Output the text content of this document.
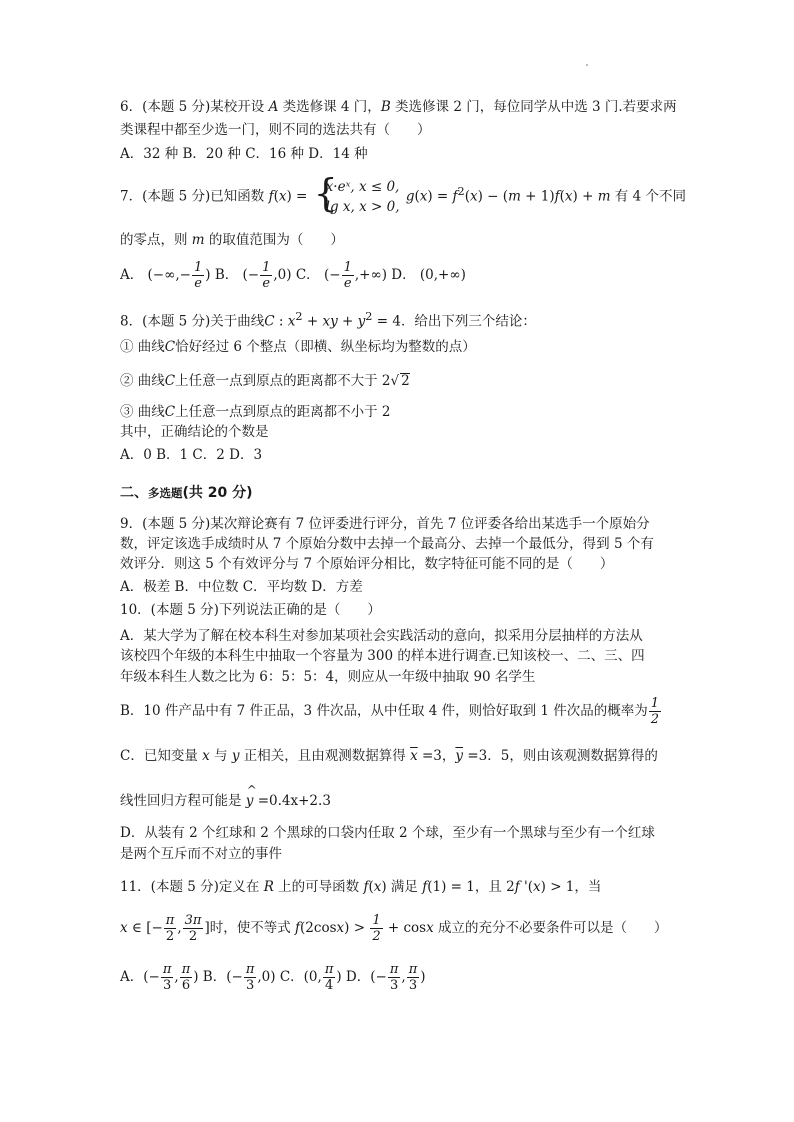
6．(本题 5 分)某校开设 A 类选修课 4 门，B 类选修课 2 门，每位同学从中选 3 门.若要求两
类课程中都至少选一门，则不同的选法共有（　　）
A．32 种 B．20 种 C．16 种 D．14 种
7．(本题 5 分)已知函数 f(x) = {
x·eˣ, x ≤ 0,
lg x, x > 0,
$g(x) = f^2(x) - (m + 1)f(x) + m$ 有 4 个不同
的零点，则 m 的取值范围为（　　）
A． (−∞,− $\frac{1}{e}$ ) B． (− $\frac{1}{e} ,0$) C． (− $\frac{1}{e}$ ,+∞) D． (0,+∞)
8．(本题 5 分)关于曲线C : $x^2$ + xy + $y^2 = 4$．给出下列三个结论：
① 曲线C恰好经过 6 个整点（即横、纵坐标均为整数的点）
② 曲线C上任意一点到原点的距离都不大于 2√ 2
③ 曲线C上任意一点到原点的距离都不小于 2
其中，正确结论的个数是
A．0 B．1 C．2 D．3
二、多选题(共 20 分)
9．(本题 5 分)某次辩论赛有 7 位评委进行评分，首先 7 位评委各给出某选手一个原始分
数，评定该选手成绩时从 7 个原始分数中去掉一个最高分、去掉一个最低分，得到 5 个有
效评分．则这 5 个有效评分与 7 个原始评分相比，数字特征可能不同的是（　　）
A．极差 B．中位数 C．平均数 D．方差
10．(本题 5 分)下列说法正确的是（　　）
A．某大学为了解在校本科生对参加某项社会实践活动的意向，拟采用分层抽样的方法从
该校四个年级的本科生中抽取一个容量为 300 的样本进行调查.已知该校一、二、三、四
年级本科生人数之比为 6：5：5：4，则应从一年级中抽取 90 名学生
B．10 件产品中有 7 件正品，3 件次品，从中任取 4 件，则恰好取到 1 件次品的概率为 $\frac{1}{2}$
C．已知变量 x 与 y 正相关，且由观测数据算得 $\overline{x} =3$，$\overline{y} =3$．5，则由该观测数据算得的
线性回归方程可能是 ^ y =0.4x+2.3
D．从装有 2 个红球和 2 个黑球的口袋内任取 2 个球，至少有一个黑球与至少有一个红球
是两个互斥而不对立的事件
11．(本题 5 分)定义在 R 上的可导函数 f(x) 满足 f(1) = 1，且 2f '(x) > 1，当
x ∈ [− $\frac{\pi}{2}$ , $\frac{3\pi}{2}$ ]时，使不等式 $f(2\cos x) > \frac{1}{2} + \cos x$ 成立的充分不必要条件可以是（　　）
A．(− $\frac{\pi}{3}$ , $\frac{\pi}{6}$ ) B．(− $\frac{\pi}{3} ,0$) C．(0, $\frac{\pi}{4}$ ) D．(− $\frac{\pi}{3}$ , $\frac{\pi}{3}$ )
